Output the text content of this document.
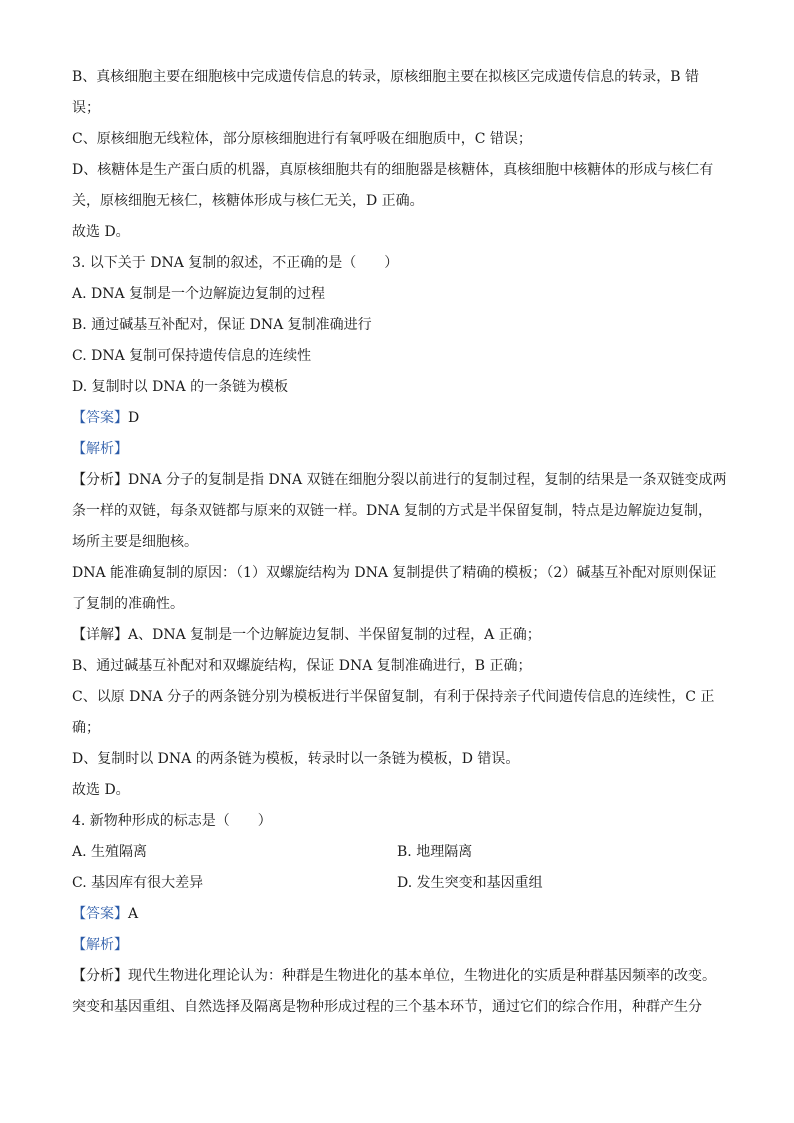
B、真核细胞主要在细胞核中完成遗传信息的转录，原核细胞主要在拟核区完成遗传信息的转录，B 错
误；
C、原核细胞无线粒体，部分原核细胞进行有氧呼吸在细胞质中，C 错误；
D、核糖体是生产蛋白质的机器，真原核细胞共有的细胞器是核糖体，真核细胞中核糖体的形成与核仁有
关，原核细胞无核仁，核糖体形成与核仁无关，D 正确。
故选 D。
3. 以下关于 DNA 复制的叙述，不正确的是（　　）
A. DNA 复制是一个边解旋边复制的过程
B. 通过碱基互补配对，保证 DNA 复制准确进行
C. DNA 复制可保持遗传信息的连续性
D. 复制时以 DNA 的一条链为模板
【答案】D
【解析】
【分析】DNA 分子的复制是指 DNA 双链在细胞分裂以前进行的复制过程，复制的结果是一条双链变成两
条一样的双链，每条双链都与原来的双链一样。DNA 复制的方式是半保留复制，特点是边解旋边复制，
场所主要是细胞核。
DNA 能准确复制的原因：（1）双螺旋结构为 DNA 复制提供了精确的模板；（2）碱基互补配对原则保证
了复制的准确性。
【详解】A、DNA 复制是一个边解旋边复制、半保留复制的过程，A 正确；
B、通过碱基互补配对和双螺旋结构，保证 DNA 复制准确进行，B 正确；
C、以原 DNA 分子的两条链分别为模板进行半保留复制，有利于保持亲子代间遗传信息的连续性，C 正
确；
D、复制时以 DNA 的两条链为模板，转录时以一条链为模板，D 错误。
故选 D。
4. 新物种形成的标志是（　　）
A. 生殖隔离	B. 地理隔离
C. 基因库有很大差异	D. 发生突变和基因重组
【答案】A
【解析】
【分析】现代生物进化理论认为：种群是生物进化的基本单位，生物进化的实质是种群基因频率的改变。
突变和基因重组、自然选择及隔离是物种形成过程的三个基本环节，通过它们的综合作用，种群产生分
